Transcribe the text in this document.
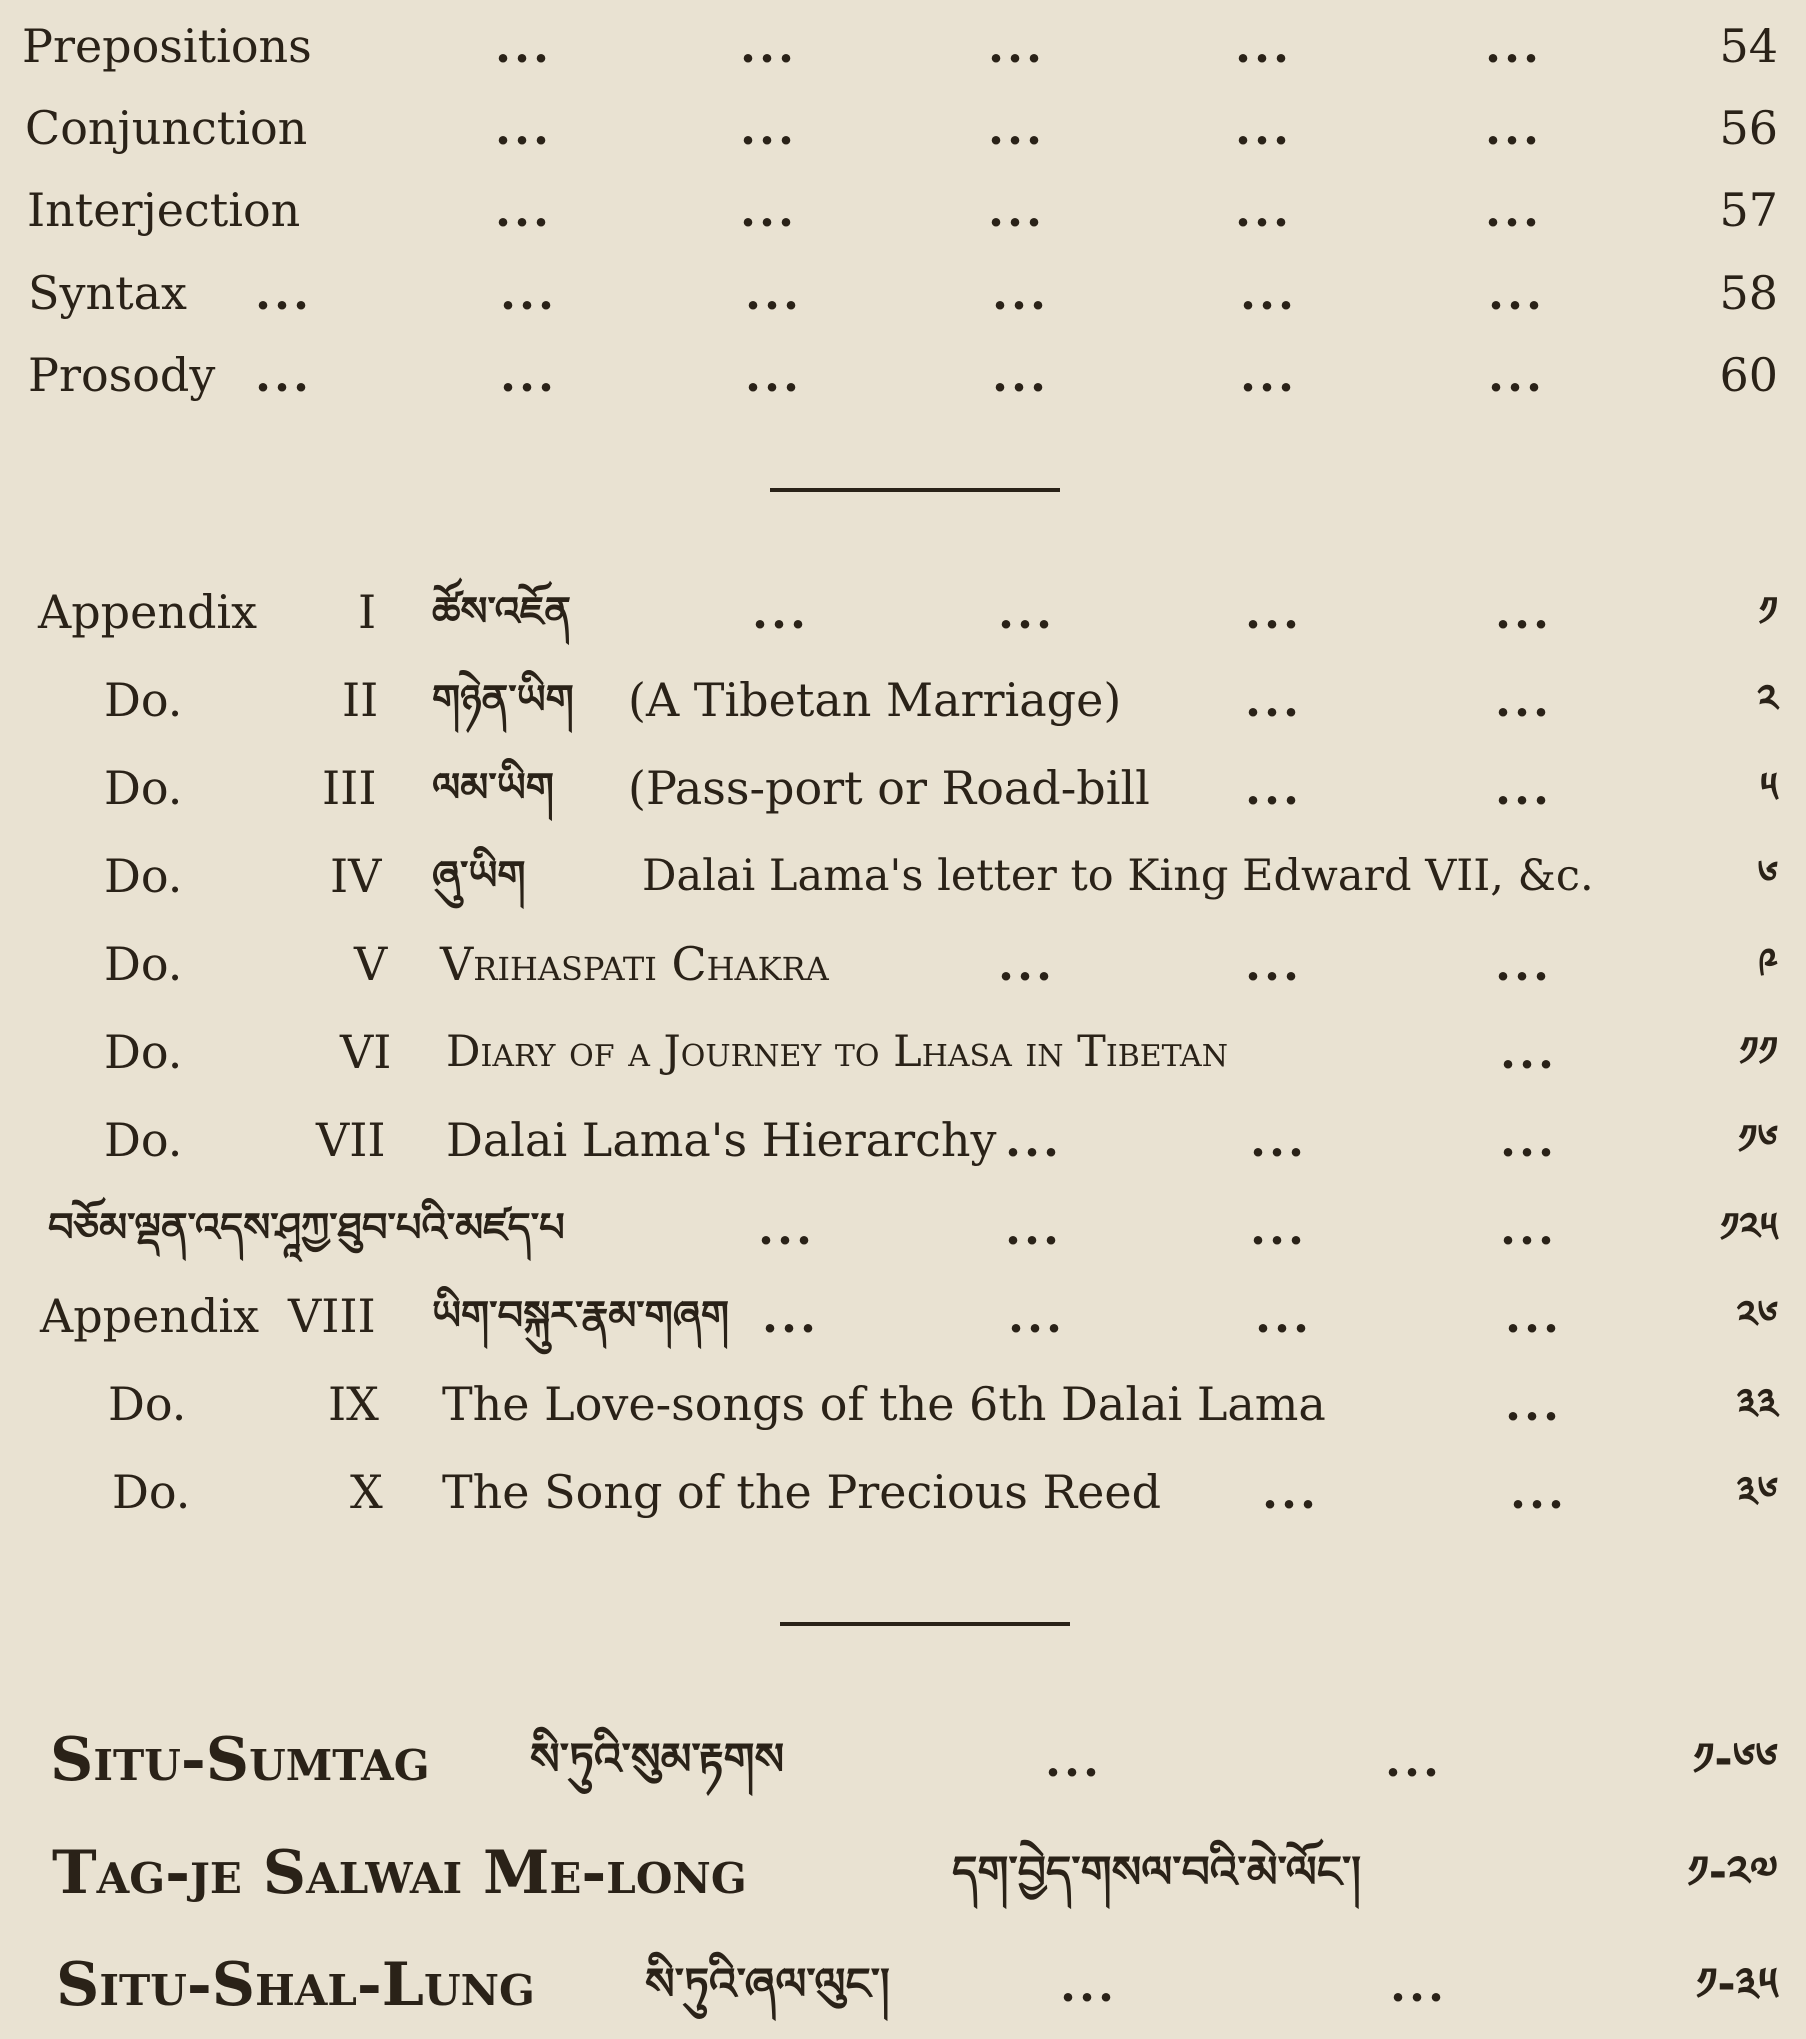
Prepositions	...	...	...	...	...	54
Conjunction	...	...	...	...	...	56
Interjection	...	...	...	...	...	57
Syntax ...	...	...	...	...	...	58
Prosody ...	...	...	...	...	...	60
Appendix I ཚོས་འཇོན	...	...	...	...	༡
Do.	II གཉེན་ཡིག (A Tibetan Marriage)	...	...	༢
Do.	III ལམ་ཡིག (Pass-port or Road-bill ...	...	༥
Do.	IV ཞུ་ཡིག	Dalai Lama's letter to King Edward VII, &c.	༦
Do.	V Vrihaspati Chakra	...	...	...	༩
Do.	VI Diary of a Journey to Lhasa in Tibetan	...	༡༡
Do.	VII Dalai Lama's Hierarchy ...	...	...	༡༦
བཅོམ་ལྡན་འདས་ཤཱཀྱ་ཐུབ་པའི་མཛད་པ	...	...	...	...	༡༢༥
Appendix VIII ཡིག་བསྐུར་རྣམ་གཞག ...	...	...	...	༢༦
Do.	IX The Love-songs of the 6th Dalai Lama	...	༣༣
Do.	X The Song of the Precious Reed ...	...	༣༦
Situ-Sumtag སི་ཏུའི་སུམ་རྟགས	...	...	༡-༦༦
Tag-je Salwai Me-long	དག་བྱེད་གསལ་བའི་མེ་ལོང་།	༡-༢༧
Situ-Shal-Lung	སི་ཏུའི་ཞལ་ལུང་།	...	...	༡-༣༥
